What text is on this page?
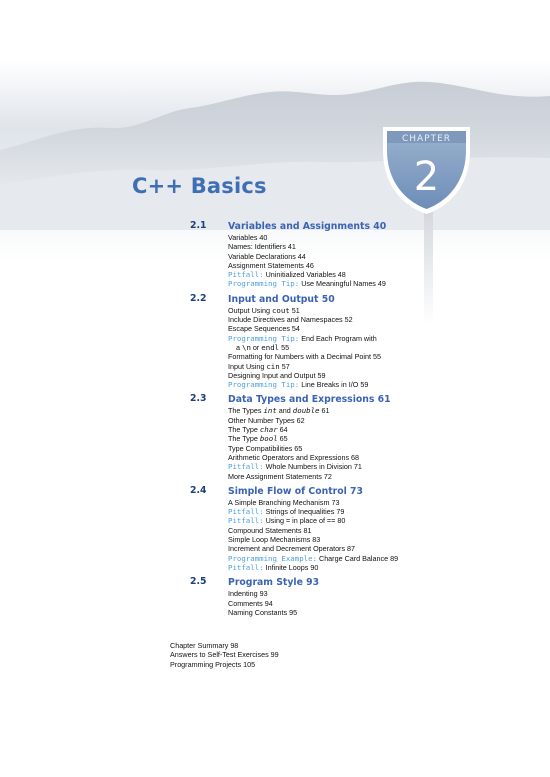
CHAPTER
2
C++ Basics
2.1 Variables and Assignments 40
Variables 40
Names: Identifiers 41
Variable Declarations 44
Assignment Statements 46
Pitfall: Uninitialized Variables 48
Programming Tip: Use Meaningful Names 49
2.2 Input and Output 50
Output Using cout 51
Include Directives and Namespaces 52
Escape Sequences 54
Programming Tip: End Each Program with
a \n or endl 55
Formatting for Numbers with a Decimal Point 55
Input Using cin 57
Designing Input and Output 59
Programming Tip: Line Breaks in I/O 59
2.3 Data Types and Expressions 61
The Types int and double 61
Other Number Types 62
The Type char 64
The Type bool 65
Type Compatibilities 65
Arithmetic Operators and Expressions 68
Pitfall: Whole Numbers in Division 71
More Assignment Statements 72
2.4 Simple Flow of Control 73
A Simple Branching Mechanism 73
Pitfall: Strings of Inequalities 79
Pitfall: Using = in place of == 80
Compound Statements 81
Simple Loop Mechanisms 83
Increment and Decrement Operators 87
Programming Example: Charge Card Balance 89
Pitfall: Infinite Loops 90
2.5 Program Style 93
Indenting 93
Comments 94
Naming Constants 95
Chapter Summary 98
Answers to Self-Test Exercises 99
Programming Projects 105
